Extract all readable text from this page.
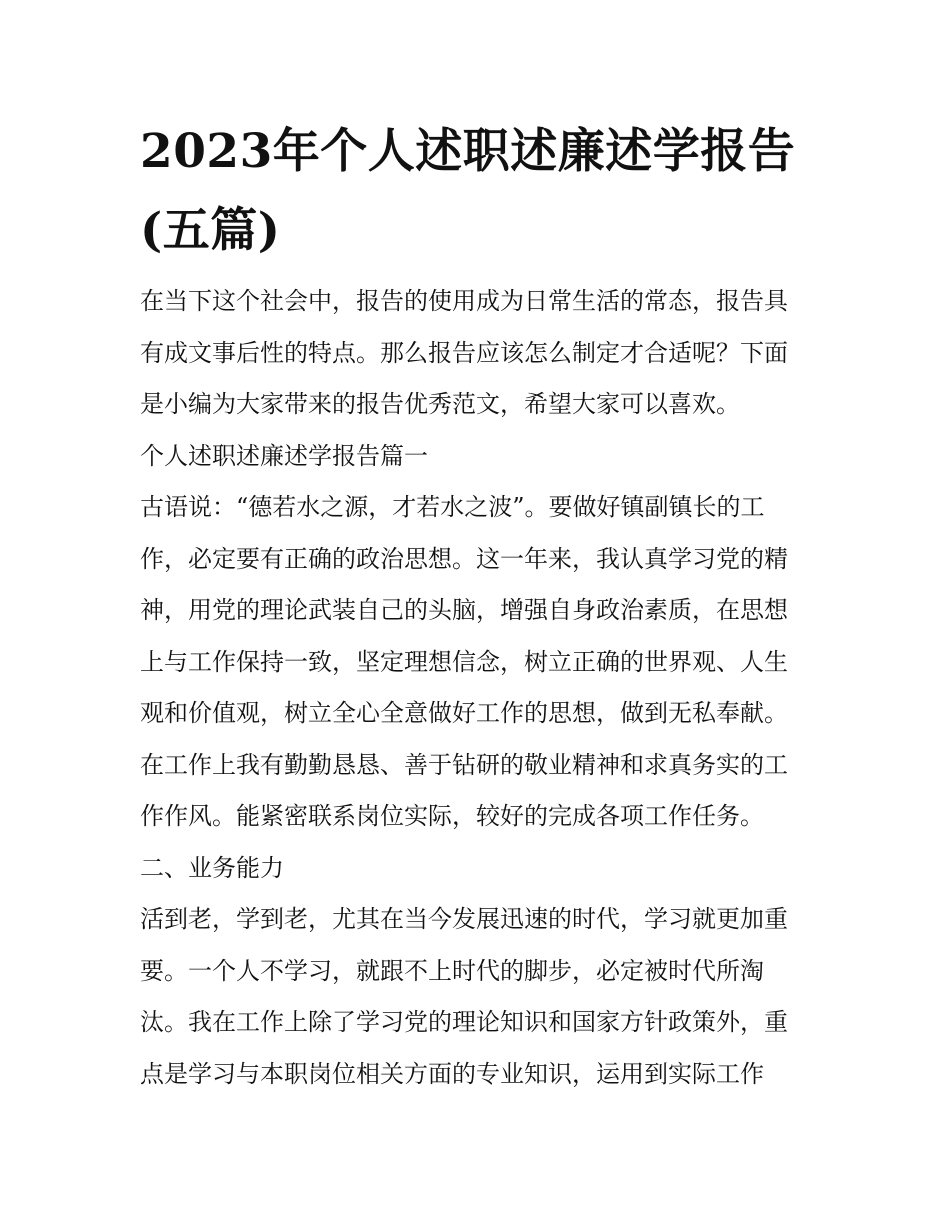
2023年个人述职述廉述学报告
(五篇)

在当下这个社会中，报告的使用成为日常生活的常态，报告具

有成文事后性的特点。那么报告应该怎么制定才合适呢？下面

是小编为大家带来的报告优秀范文，希望大家可以喜欢。

个人述职述廉述学报告篇一

古语说：“德若水之源，才若水之波”。要做好镇副镇长的工

作，必定要有正确的政治思想。这一年来，我认真学习党的精

神，用党的理论武装自己的头脑，增强自身政治素质，在思想

上与工作保持一致，坚定理想信念，树立正确的世界观、人生

观和价值观，树立全心全意做好工作的思想，做到无私奉献。

在工作上我有勤勤恳恳、善于钻研的敬业精神和求真务实的工

作作风。能紧密联系岗位实际，较好的完成各项工作任务。

二、业务能力

活到老，学到老，尤其在当今发展迅速的时代，学习就更加重

要。一个人不学习，就跟不上时代的脚步，必定被时代所淘

汰。我在工作上除了学习党的理论知识和国家方针政策外，重

点是学习与本职岗位相关方面的专业知识，运用到实际工作
